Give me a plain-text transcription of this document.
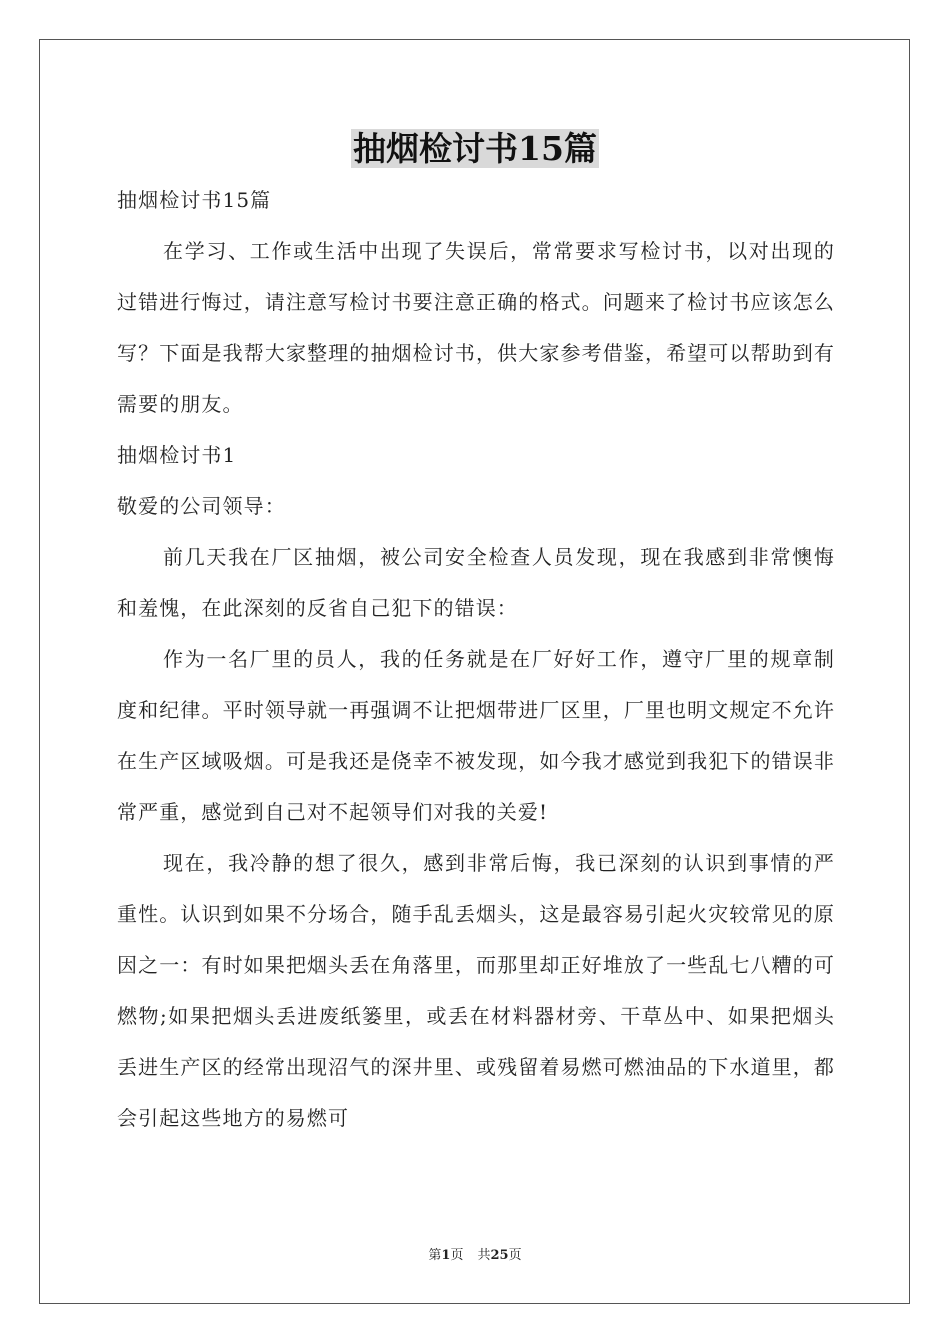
抽烟检讨书15篇

抽烟检讨书15篇

在学习、工作或生活中出现了失误后，常常要求写检讨书，以对出现的过错进行悔过，请注意写检讨书要注意正确的格式。问题来了检讨书应该怎么写？下面是我帮大家整理的抽烟检讨书，供大家参考借鉴，希望可以帮助到有需要的朋友。

抽烟检讨书1

敬爱的公司领导：

前几天我在厂区抽烟，被公司安全检查人员发现，现在我感到非常懊悔和羞愧，在此深刻的反省自己犯下的错误：

作为一名厂里的员人，我的任务就是在厂好好工作，遵守厂里的规章制度和纪律。平时领导就一再强调不让把烟带进厂区里，厂里也明文规定不允许在生产区域吸烟。可是我还是侥幸不被发现，如今我才感觉到我犯下的错误非常严重，感觉到自己对不起领导们对我的关爱!

现在，我冷静的想了很久，感到非常后悔，我已深刻的认识到事情的严重性。认识到如果不分场合，随手乱丢烟头，这是最容易引起火灾较常见的原因之一：有时如果把烟头丢在角落里，而那里却正好堆放了一些乱七八糟的可燃物;如果把烟头丢进废纸篓里，或丢在材料器材旁、干草丛中、如果把烟头丢进生产区的经常出现沼气的深井里、或残留着易燃可燃油品的下水道里，都会引起这些地方的易燃可

第1页 共25页
